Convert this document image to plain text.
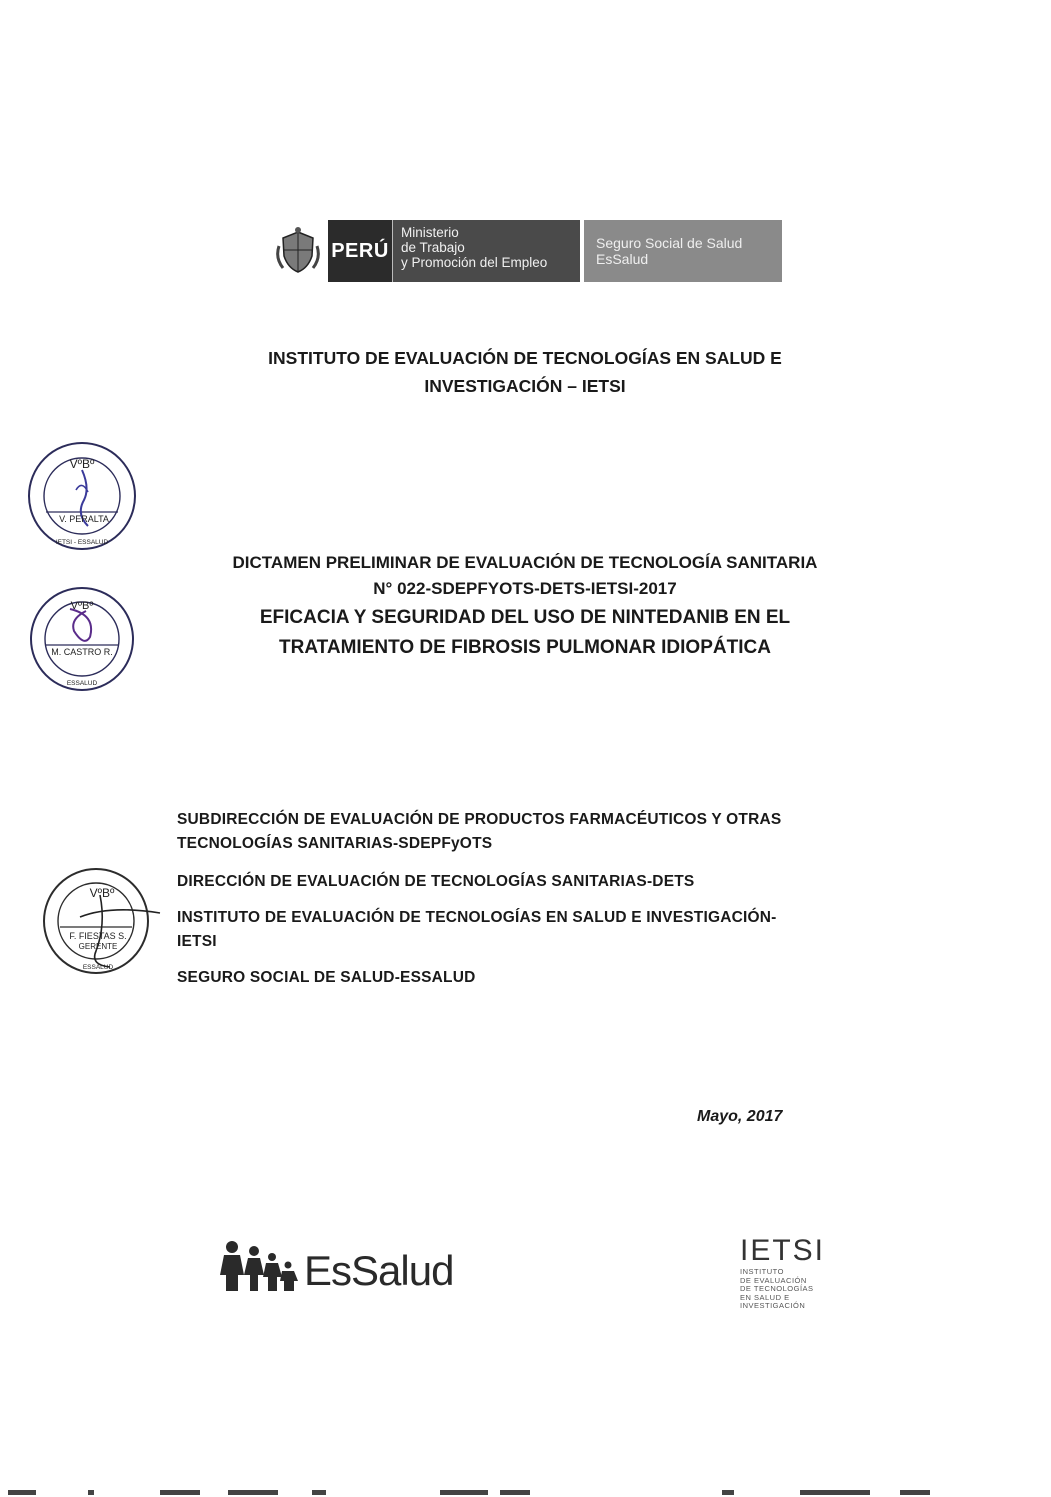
PERÚ
Ministerio
de Trabajo
y Promoción del Empleo
Seguro Social de Salud
EsSalud
INSTITUTO DE EVALUACIÓN DE TECNOLOGÍAS EN SALUD E
INVESTIGACIÓN – IETSI
VºBº
V. PERALTA
IETSI - ESSALUD
VºBº
M. CASTRO R.
ESSALUD
DICTAMEN PRELIMINAR DE EVALUACIÓN DE TECNOLOGÍA SANITARIA
N° 022-SDEPFYOTS-DETS-IETSI-2017
EFICACIA Y SEGURIDAD DEL USO DE NINTEDANIB EN EL
TRATAMIENTO DE FIBROSIS PULMONAR IDIOPÁTICA
VºBº
F. FIESTAS S.
GERENTE
ESSALUD
SUBDIRECCIÓN DE EVALUACIÓN DE PRODUCTOS FARMACÉUTICOS Y OTRAS
TECNOLOGÍAS SANITARIAS-SDEPFyOTS
DIRECCIÓN DE EVALUACIÓN DE TECNOLOGÍAS SANITARIAS-DETS
INSTITUTO DE EVALUACIÓN DE TECNOLOGÍAS EN SALUD E INVESTIGACIÓN-
IETSI
SEGURO SOCIAL DE SALUD-ESSALUD
Mayo, 2017
EsSalud	IETSI
INSTITUTO
DE EVALUACIÓN
DE TECNOLOGÍAS
EN SALUD E
INVESTIGACIÓN
